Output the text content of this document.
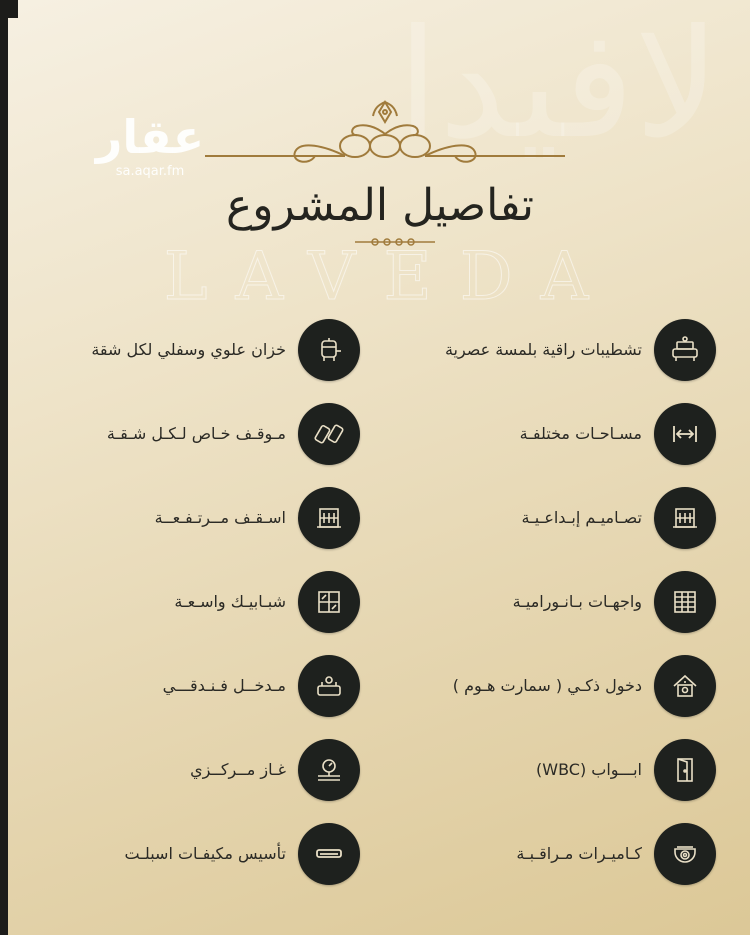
لافيدا
LAVEDA
عقار
sa.aqar.fm
تفاصيل المشروع
تشطيبات راقية بلمسة عصرية
مسـاحـات مختلفـة
تصـاميـم إبـداعـيـة
واجهـات بـانـوراميـة
دخول ذكـي ( سمارت هـوم )
ابـــواب (WBC)
كـاميـرات مـراقـبـة
خزان علوي وسفلي لكل شقة
مـوقـف خـاص لـكـل شـقـة
اسـقـف مــرتـفـعــة
شبـابيـك واسـعـة
مـدخــل فـنـدقـــي
غـاز مــركــزي
تأسيس مكيفـات اسبلـت
